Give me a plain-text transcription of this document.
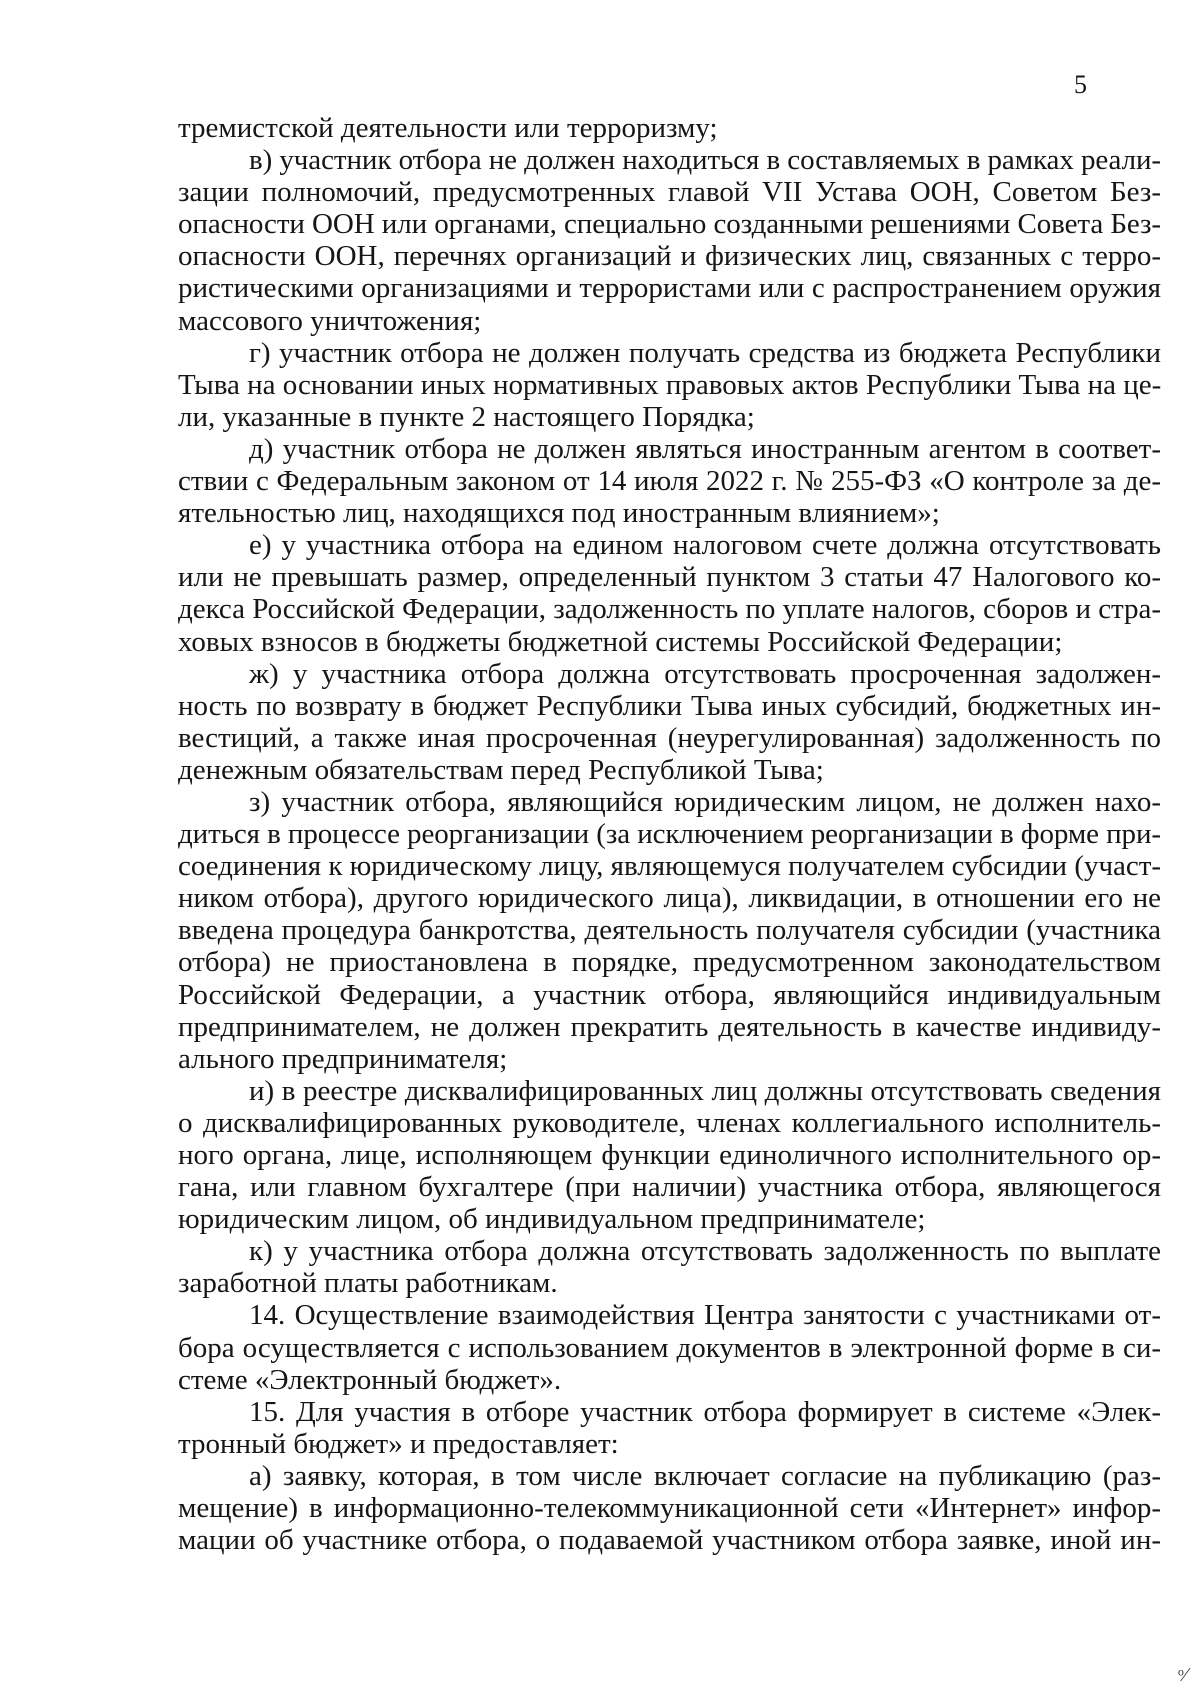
5
тремистской деятельности или терроризму;
в) участник отбора не должен находиться в составляемых в рамках реали-
зации полномочий, предусмотренных главой VII Устава ООН, Советом Без-
опасности ООН или органами, специально созданными решениями Совета Без-
опасности ООН, перечнях организаций и физических лиц, связанных с терро-
ристическими организациями и террористами или с распространением оружия
массового уничтожения;
г) участник отбора не должен получать средства из бюджета Республики
Тыва на основании иных нормативных правовых актов Республики Тыва на це-
ли, указанные в пункте 2 настоящего Порядка;
д) участник отбора не должен являться иностранным агентом в соответ-
ствии с Федеральным законом от 14 июля 2022 г. № 255-ФЗ «О контроле за де-
ятельностью лиц, находящихся под иностранным влиянием»;
е) у участника отбора на едином налоговом счете должна отсутствовать
или не превышать размер, определенный пунктом 3 статьи 47 Налогового ко-
декса Российской Федерации, задолженность по уплате налогов, сборов и стра-
ховых взносов в бюджеты бюджетной системы Российской Федерации;
ж) у участника отбора должна отсутствовать просроченная задолжен-
ность по возврату в бюджет Республики Тыва иных субсидий, бюджетных ин-
вестиций, а также иная просроченная (неурегулированная) задолженность по
денежным обязательствам перед Республикой Тыва;
з) участник отбора, являющийся юридическим лицом, не должен нахо-
диться в процессе реорганизации (за исключением реорганизации в форме при-
соединения к юридическому лицу, являющемуся получателем субсидии (участ-
ником отбора), другого юридического лица), ликвидации, в отношении его не
введена процедура банкротства, деятельность получателя субсидии (участника
отбора) не приостановлена в порядке, предусмотренном законодательством
Российской Федерации, а участник отбора, являющийся индивидуальным
предпринимателем, не должен прекратить деятельность в качестве индивиду-
ального предпринимателя;
и) в реестре дисквалифицированных лиц должны отсутствовать сведения
о дисквалифицированных руководителе, членах коллегиального исполнитель-
ного органа, лице, исполняющем функции единоличного исполнительного ор-
гана, или главном бухгалтере (при наличии) участника отбора, являющегося
юридическим лицом, об индивидуальном предпринимателе;
к) у участника отбора должна отсутствовать задолженность по выплате
заработной платы работникам.
14. Осуществление взаимодействия Центра занятости с участниками от-
бора осуществляется с использованием документов в электронной форме в си-
стеме «Электронный бюджет».
15. Для участия в отборе участник отбора формирует в системе «Элек-
тронный бюджет» и предоставляет:
а) заявку, которая, в том числе включает согласие на публикацию (раз-
мещение) в информационно-телекоммуникационной сети «Интернет» инфор-
мации об участнике отбора, о подаваемой участником отбора заявке, иной ин-
ᵒ⁄
